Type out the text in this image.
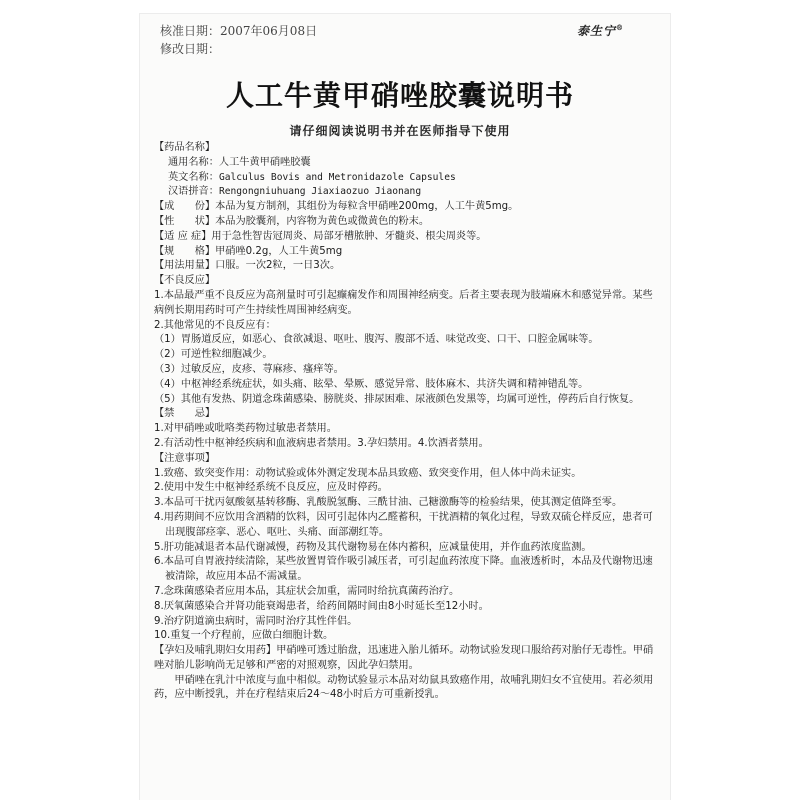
核准日期：2007年06月08日
修改日期：
泰生宁®
人工牛黄甲硝唑胶囊说明书
请仔细阅读说明书并在医师指导下使用
【药品名称】
通用名称：人工牛黄甲硝唑胶囊
英文名称：Galculus Bovis and Metronidazole Capsules
汉语拼音：Rengongniuhuang Jiaxiaozuo Jiaonang
【成　　份】本品为复方制剂，其组份为每粒含甲硝唑200mg，人工牛黄5mg。
【性　　状】本品为胶囊剂，内容物为黄色或微黄色的粉末。
【适 应 症】用于急性智齿冠周炎、局部牙槽脓肿、牙髓炎、根尖周炎等。
【规　　格】甲硝唑0.2g，人工牛黄5mg
【用法用量】口服。一次2粒，一日3次。
【不良反应】
1.本品最严重不良反应为高剂量时可引起癫痫发作和周围神经病变。后者主要表现为肢端麻木和感觉异常。某些病例长期用药时可产生持续性周围神经病变。
2.其他常见的不良反应有：
（1）胃肠道反应，如恶心、食欲减退、呕吐、腹泻、腹部不适、味觉改变、口干、口腔金属味等。
（2）可逆性粒细胞减少。
（3）过敏反应，皮疹、荨麻疹、瘙痒等。
（4）中枢神经系统症状，如头痛、眩晕、晕厥、感觉异常、肢体麻木、共济失调和精神错乱等。
（5）其他有发热、阴道念珠菌感染、膀胱炎、排尿困难、尿液颜色发黑等，均属可逆性，停药后自行恢复。
【禁　　忌】
1.对甲硝唑或吡咯类药物过敏患者禁用。
2.有活动性中枢神经疾病和血液病患者禁用。3.孕妇禁用。4.饮酒者禁用。
【注意事项】
1.致癌、致突变作用：动物试验或体外测定发现本品具致癌、致突变作用，但人体中尚未证实。
2.使用中发生中枢神经系统不良反应，应及时停药。
3.本品可干扰丙氨酸氨基转移酶、乳酸脱氢酶、三酰甘油、己糖激酶等的检验结果，使其测定值降至零。
4.用药期间不应饮用含酒精的饮料，因可引起体内乙醛蓄积，干扰酒精的氧化过程，导致双硫仑样反应，患者可出现腹部痉挛、恶心、呕吐、头痛、面部潮红等。
5.肝功能减退者本品代谢减慢，药物及其代谢物易在体内蓄积，应减量使用，并作血药浓度监测。
6.本品可自胃液持续清除，某些放置胃管作吸引减压者，可引起血药浓度下降。血液透析时，本品及代谢物迅速被清除，故应用本品不需减量。
7.念珠菌感染者应用本品，其症状会加重，需同时给抗真菌药治疗。
8.厌氧菌感染合并肾功能衰竭患者，给药间隔时间由8小时延长至12小时。
9.治疗阴道滴虫病时，需同时治疗其性伴侣。
10.重复一个疗程前，应做白细胞计数。
【孕妇及哺乳期妇女用药】甲硝唑可透过胎盘，迅速进入胎儿循环。动物试验发现口服给药对胎仔无毒性。甲硝唑对胎儿影响尚无足够和严密的对照观察，因此孕妇禁用。
甲硝唑在乳汁中浓度与血中相似。动物试验显示本品对幼鼠具致癌作用，故哺乳期妇女不宜使用。若必须用药，应中断授乳，并在疗程结束后24～48小时后方可重新授乳。
